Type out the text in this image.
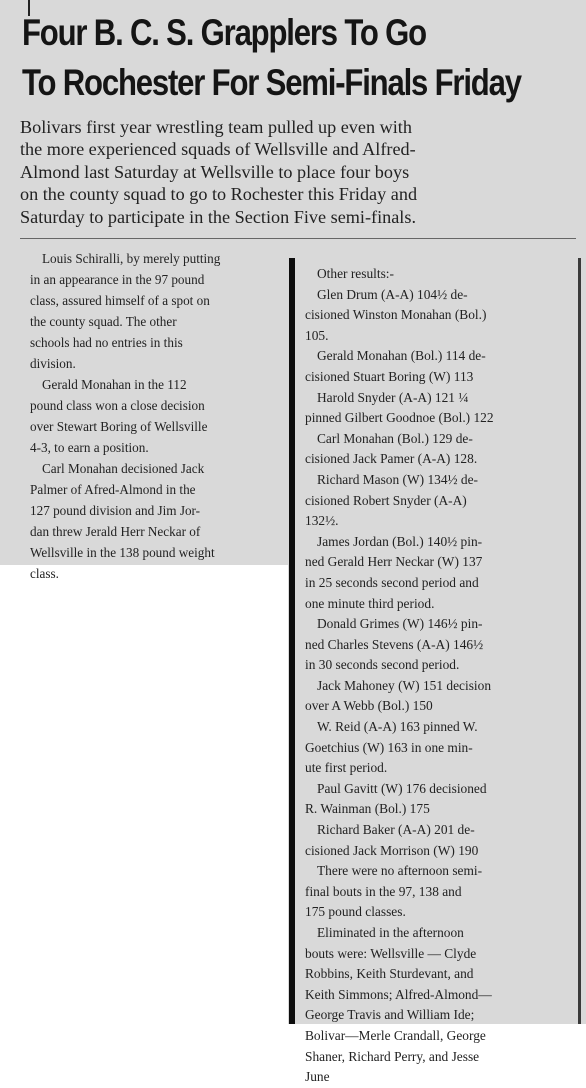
Four B. C. S. Grapplers To Go
To Rochester For Semi-Finals Friday
Bolivars first year wrestling team pulled up even with
the more experienced squads of Wellsville and Alfred-
Almond last Saturday at Wellsville to place four boys
on the county squad to go to Rochester this Friday and
Saturday to participate in the Section Five semi-finals.
Louis Schiralli, by merely putting
in an appearance in the 97 pound
class, assured himself of a spot on
the county squad. The other
schools had no entries in this
division.
Gerald Monahan in the 112
pound class won a close decision
over Stewart Boring of Wellsville
4-3, to earn a position.
Carl Monahan decisioned Jack
Palmer of Afred-Almond in the
127 pound division and Jim Jor-
dan threw Jerald Herr Neckar of
Wellsville in the 138 pound weight
class.
Other results:-
Glen Drum (A-A) 104½ de-
cisioned Winston Monahan (Bol.)
105.
Gerald Monahan (Bol.) 114 de-
cisioned Stuart Boring (W) 113
Harold Snyder (A-A) 121 ¼
pinned Gilbert Goodnoe (Bol.) 122
Carl Monahan (Bol.) 129 de-
cisioned Jack Pamer (A-A) 128.
Richard Mason (W) 134½ de-
cisioned Robert Snyder (A-A)
132½.
James Jordan (Bol.) 140½ pin-
ned Gerald Herr Neckar (W) 137
in 25 seconds second period and
one minute third period.
Donald Grimes (W) 146½ pin-
ned Charles Stevens (A-A) 146½
in 30 seconds second period.
Jack Mahoney (W) 151 decision
over A Webb (Bol.) 150
W. Reid (A-A) 163 pinned W.
Goetchius (W) 163 in one min-
ute first period.
Paul Gavitt (W) 176 decisioned
R. Wainman (Bol.) 175
Richard Baker (A-A) 201 de-
cisioned Jack Morrison (W) 190
There were no afternoon semi-
final bouts in the 97, 138 and
175 pound classes.
Eliminated in the afternoon
bouts were: Wellsville — Clyde
Robbins, Keith Sturdevant, and
Keith Simmons; Alfred-Almond—
George Travis and William Ide;
Bolivar—Merle Crandall, George
Shaner, Richard Perry, and Jesse
June
